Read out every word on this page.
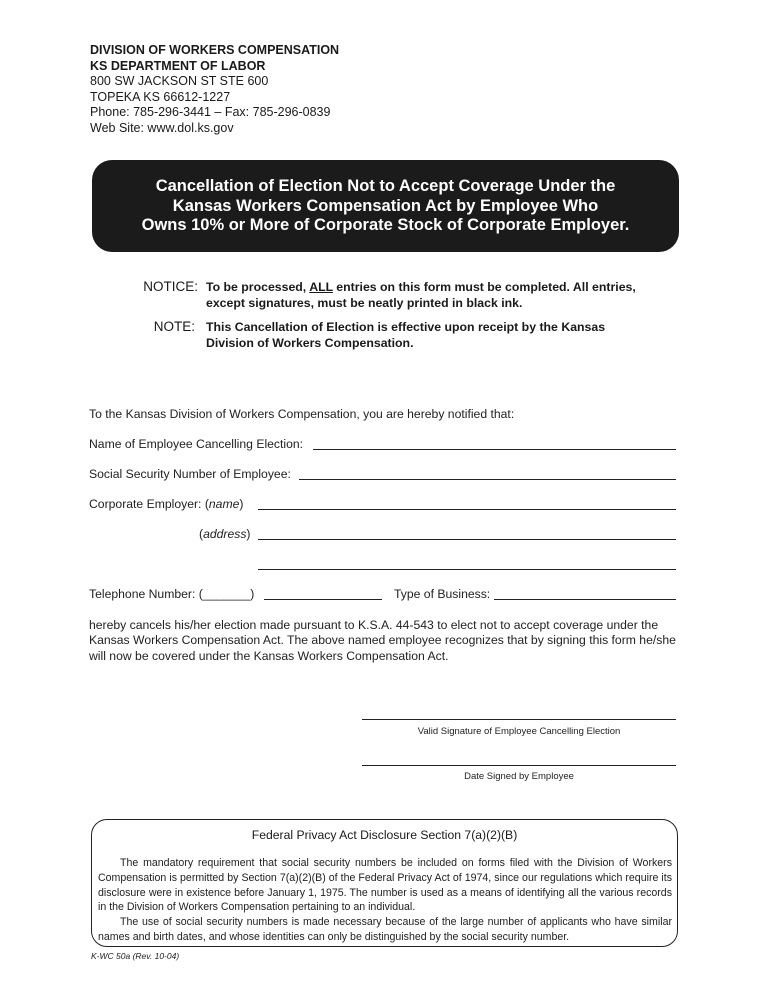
DIVISION OF WORKERS COMPENSATION
KS DEPARTMENT OF LABOR
800 SW JACKSON ST STE 600
TOPEKA KS 66612-1227
Phone: 785-296-3441 – Fax: 785-296-0839
Web Site: www.dol.ks.gov
Cancellation of Election Not to Accept Coverage Under the
Kansas Workers Compensation Act by Employee Who
Owns 10% or More of Corporate Stock of Corporate Employer.
NOTICE: To be processed, ALL entries on this form must be completed. All entries, except signatures, must be neatly printed in black ink.
NOTE: This Cancellation of Election is effective upon receipt by the Kansas Division of Workers Compensation.
To the Kansas Division of Workers Compensation, you are hereby notified that:
Name of Employee Cancelling Election:
Social Security Number of Employee:
Corporate Employer: (name)
(address)
Telephone Number: (_______)	Type of Business:
hereby cancels his/her election made pursuant to K.S.A. 44-543 to elect not to accept coverage under the Kansas Workers Compensation Act. The above named employee recognizes that by signing this form he/she will now be covered under the Kansas Workers Compensation Act.
Valid Signature of Employee Cancelling Election
Date Signed by Employee
Federal Privacy Act Disclosure Section 7(a)(2)(B)

The mandatory requirement that social security numbers be included on forms filed with the Division of Workers Compensation is permitted by Section 7(a)(2)(B) of the Federal Privacy Act of 1974, since our regulations which require its disclosure were in existence before January 1, 1975. The number is used as a means of identifying all the various records in the Division of Workers Compensation pertaining to an individual.

The use of social security numbers is made necessary because of the large number of applicants who have similar names and birth dates, and whose identities can only be distinguished by the social security number.

K-WC 50a (Rev. 10-04)
